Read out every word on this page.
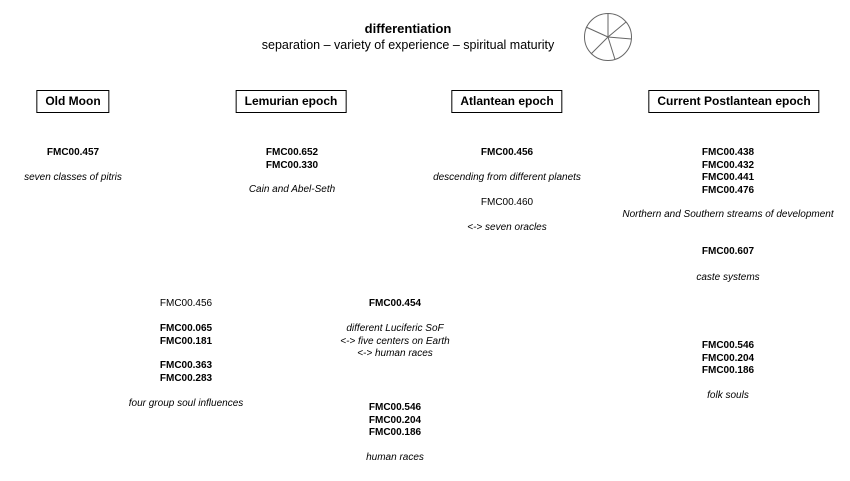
differentiation
separation – variety of experience – spiritual maturity
Old Moon	Lemurian epoch	Atlantean epoch	Current Postlantean epoch
FMC00.457
seven classes of pitris
FMC00.652
FMC00.330
Cain and Abel-Seth
FMC00.456
descending from different planets
FMC00.460
<-> seven oracles
FMC00.438
FMC00.432
FMC00.441
FMC00.476
Northern and Southern streams of development
FMC00.607
caste systems
FMC00.546
FMC00.204
FMC00.186
folk souls
FMC00.456
FMC00.065
FMC00.181
FMC00.363
FMC00.283
four group soul influences
FMC00.454
different Luciferic SoF
<-> five centers on Earth
<-> human races
FMC00.546
FMC00.204
FMC00.186
human races
